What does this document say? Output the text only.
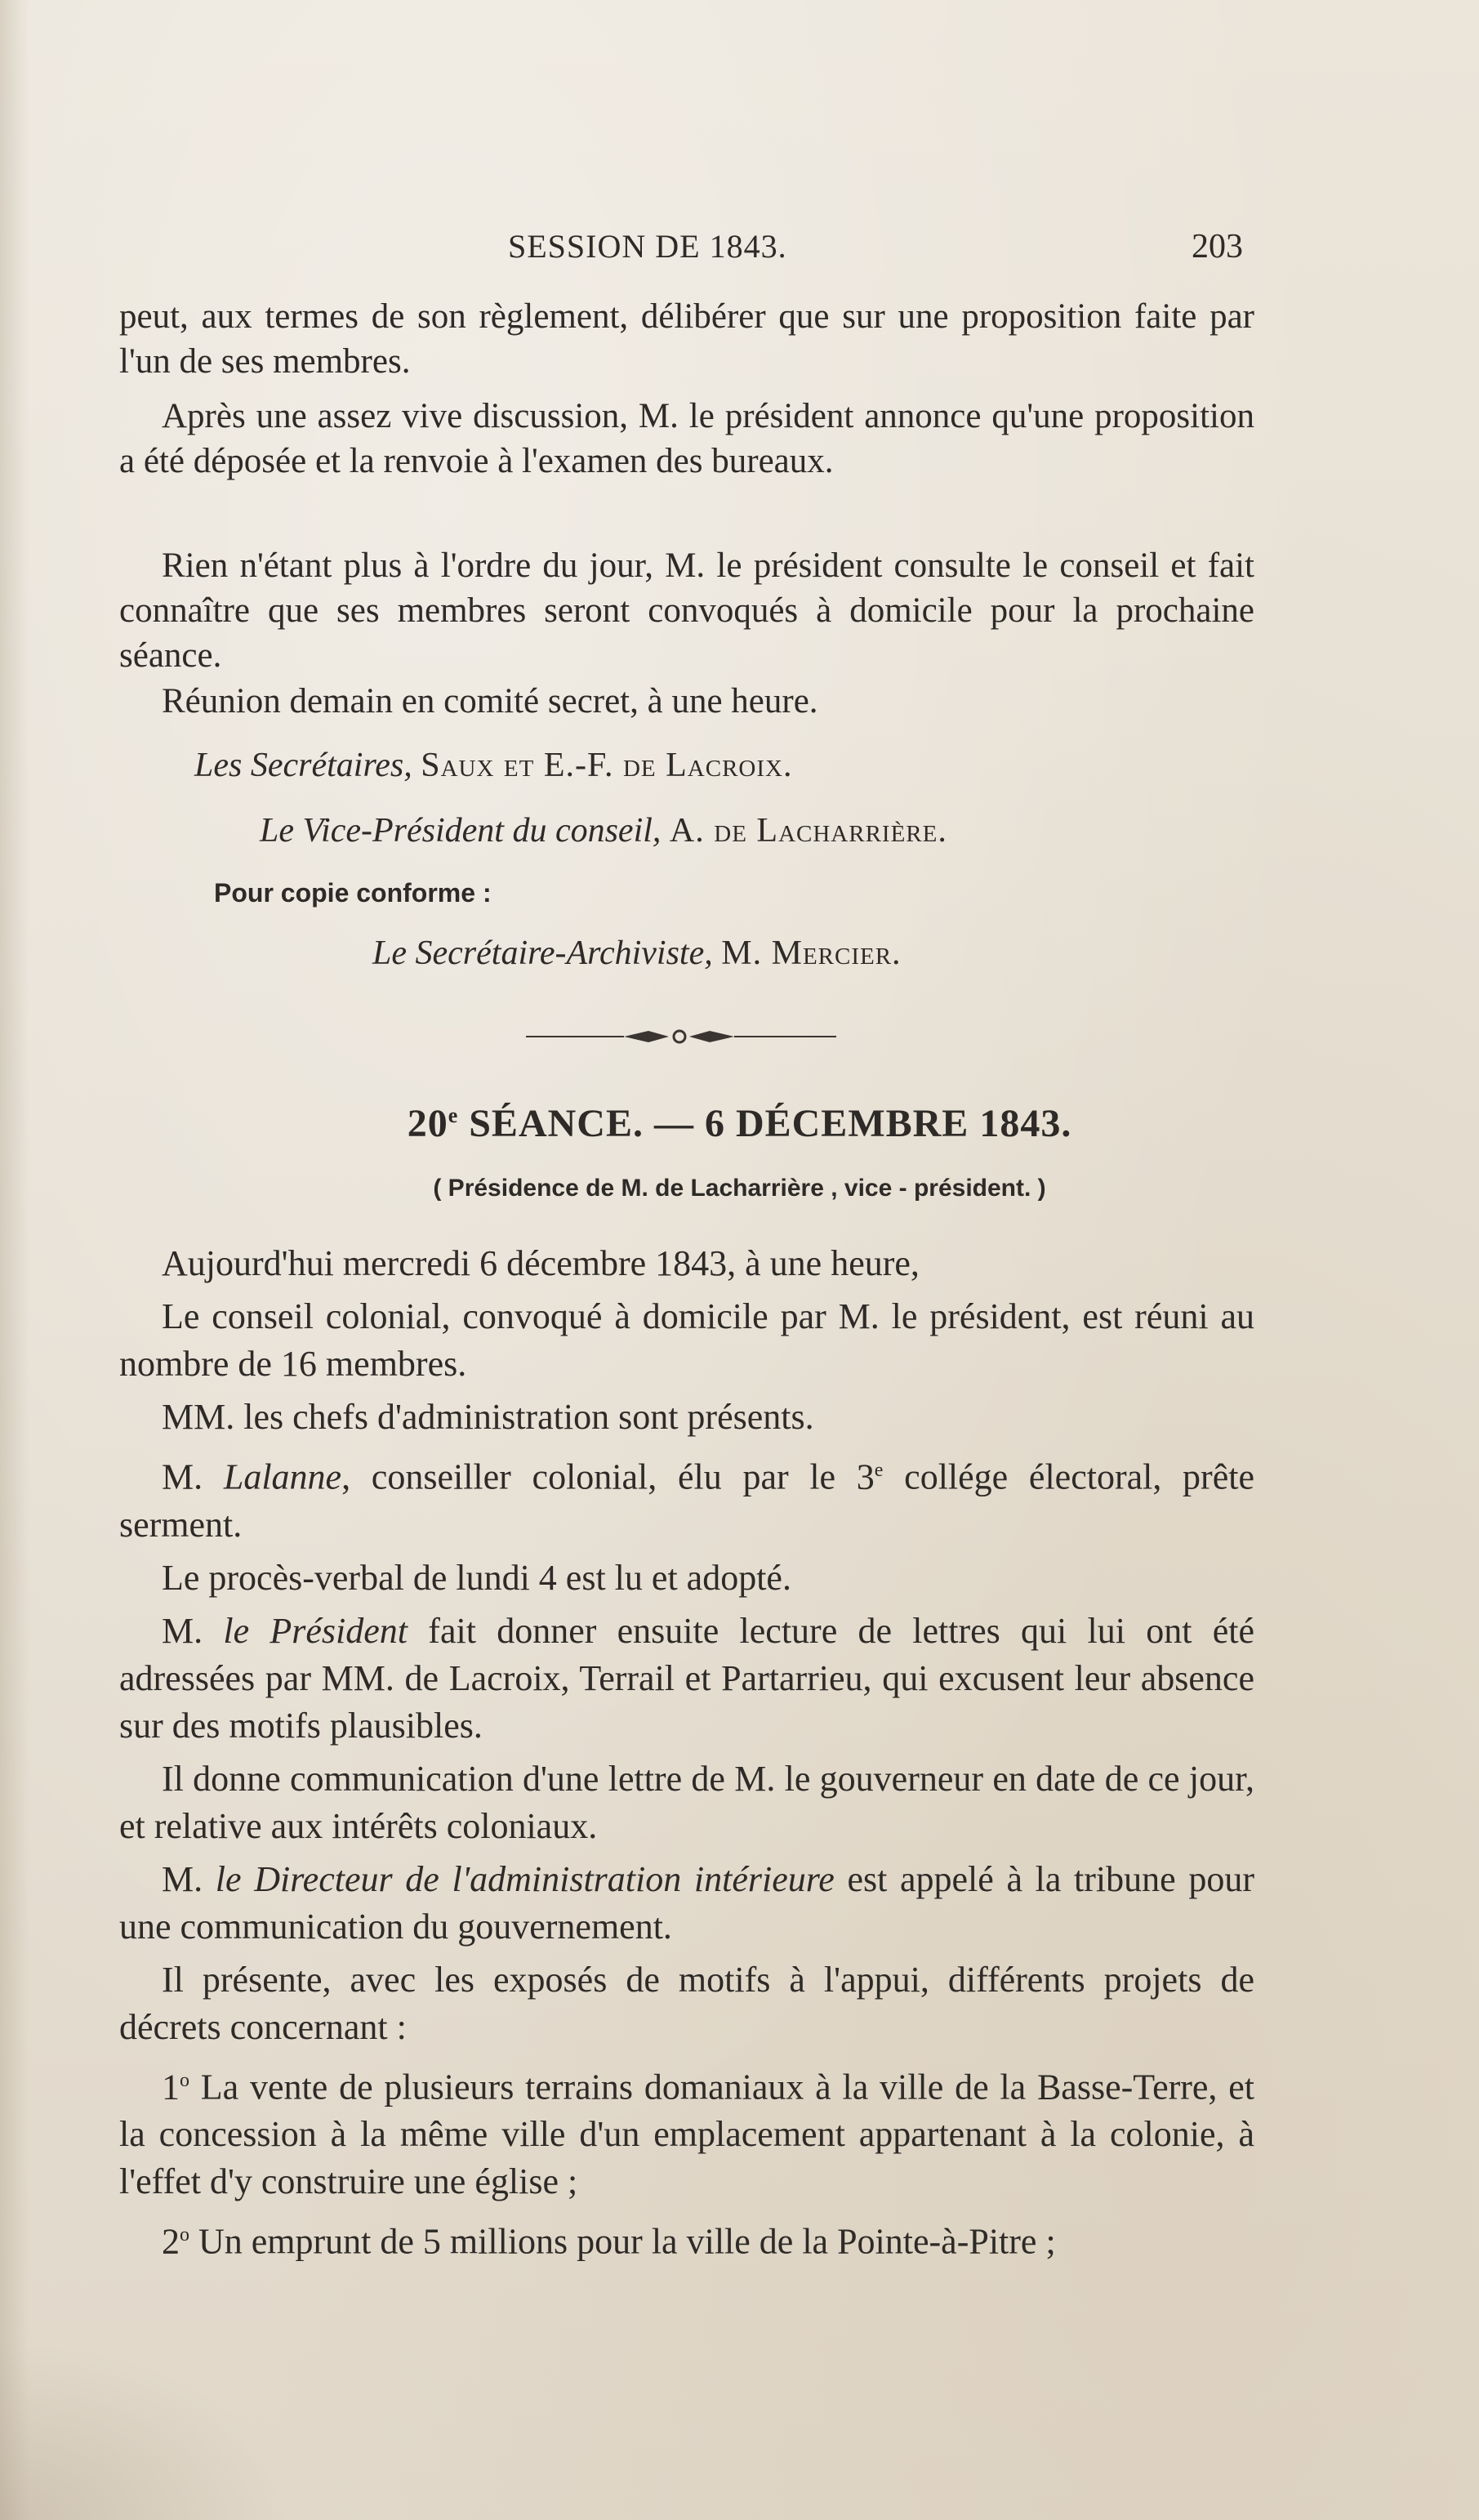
SESSION DE 1843.	203

peut, aux termes de son règlement, délibérer que sur une proposition faite par l'un de ses membres.

Après une assez vive discussion, M. le président annonce qu'une proposition a été déposée et la renvoie à l'examen des bureaux.

Rien n'étant plus à l'ordre du jour, M. le président consulte le conseil et fait connaître que ses membres seront convoqués à domicile pour la prochaine séance.

Réunion demain en comité secret, à une heure.

Les Secrétaires, Saux et E.-F. de Lacroix.

Le Vice-Président du conseil, A. de Lacharrière.

Pour copie conforme :

Le Secrétaire-Archiviste, M. Mercier.

20e SÉANCE. — 6 DÉCEMBRE 1843.

( Présidence de M. de Lacharrière , vice - président. )

Aujourd'hui mercredi 6 décembre 1843, à une heure,

Le conseil colonial, convoqué à domicile par M. le président, est réuni au nombre de 16 membres.

MM. les chefs d'administration sont présents.

M. Lalanne, conseiller colonial, élu par le 3e collége électoral, prête serment.

Le procès-verbal de lundi 4 est lu et adopté.

M. le Président fait donner ensuite lecture de lettres qui lui ont été adressées par MM. de Lacroix, Terrail et Partarrieu, qui excusent leur absence sur des motifs plausibles.

Il donne communication d'une lettre de M. le gouverneur en date de ce jour, et relative aux intérêts coloniaux.

M. le Directeur de l'administration intérieure est appelé à la tribune pour une communication du gouvernement.

Il présente, avec les exposés de motifs à l'appui, différents projets de décrets concernant :

1$^o$ La vente de plusieurs terrains domaniaux à la ville de la Basse-Terre, et la concession à la même ville d'un emplacement appartenant à la colonie, à l'effet d'y construire une église ;

2$^o$ Un emprunt de 5 millions pour la ville de la Pointe-à-Pitre ;
